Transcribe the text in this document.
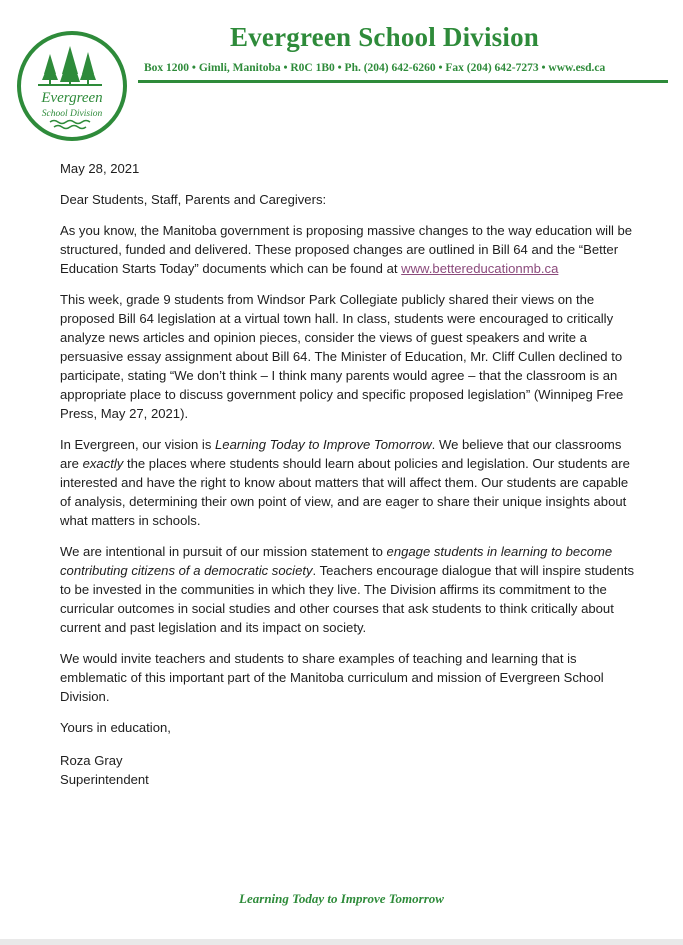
Evergreen
School Division
Evergreen School Division
Box 1200 • Gimli, Manitoba • R0C 1B0 • Ph. (204) 642-6260 • Fax (204) 642-7273 • www.esd.ca

May 28, 2021

Dear Students, Staff, Parents and Caregivers:

As you know, the Manitoba government is proposing massive changes to the way education will be structured, funded and delivered. These proposed changes are outlined in Bill 64 and the “Better Education Starts Today” documents which can be found at www.bettereducationmb.ca

This week, grade 9 students from Windsor Park Collegiate publicly shared their views on the proposed Bill 64 legislation at a virtual town hall. In class, students were encouraged to critically analyze news articles and opinion pieces, consider the views of guest speakers and write a persuasive essay assignment about Bill 64. The Minister of Education, Mr. Cliff Cullen declined to participate, stating “We don’t think – I think many parents would agree – that the classroom is an appropriate place to discuss government policy and specific proposed legislation” (Winnipeg Free Press, May 27, 2021).

In Evergreen, our vision is Learning Today to Improve Tomorrow. We believe that our classrooms are exactly the places where students should learn about policies and legislation. Our students are interested and have the right to know about matters that will affect them. Our students are capable of analysis, determining their own point of view, and are eager to share their unique insights about what matters in schools.

We are intentional in pursuit of our mission statement to engage students in learning to become contributing citizens of a democratic society. Teachers encourage dialogue that will inspire students to be invested in the communities in which they live. The Division affirms its commitment to the curricular outcomes in social studies and other courses that ask students to think critically about current and past legislation and its impact on society.

We would invite teachers and students to share examples of teaching and learning that is emblematic of this important part of the Manitoba curriculum and mission of Evergreen School Division.

Yours in education,

Roza Gray

Superintendent

Learning Today to Improve Tomorrow
